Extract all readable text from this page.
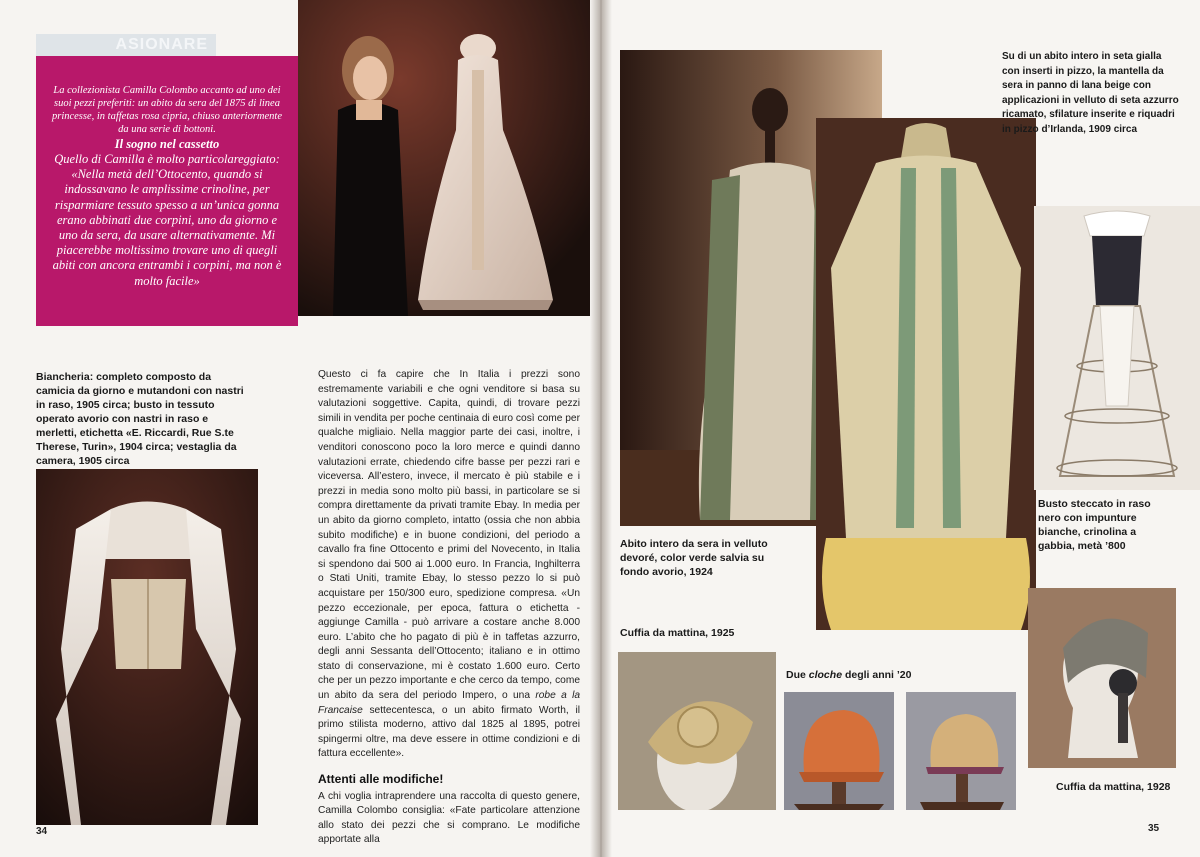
ASIONARE
La collezionista Camilla Colombo accanto ad uno dei suoi pezzi preferiti: un abito da sera del 1875 di linea princesse, in taffetas rosa cipria, chiuso anteriormente da una serie di bottoni.
Il sogno nel cassetto
Quello di Camilla è molto particolareggiato: «Nella metà dell’Ottocento, quando si indossavano le amplissime crinoline, per risparmiare tessuto spesso a un’unica gonna erano abbinati due corpini, uno da giorno e uno da sera, da usare alternativamente. Mi piacerebbe moltissimo trovare uno di quegli abiti con ancora entrambi i corpini, ma non è molto facile»
Biancheria: completo composto da camicia da giorno e mutandoni con nastri in raso, 1905 circa; busto in tessuto operato avorio con nastri in raso e merletti, etichetta «E. Riccardi, Rue S.te Therese, Turin», 1904 circa; vestaglia da camera, 1905 circa

Questo ci fa capire che In Italia i prezzi sono estremamente variabili e che ogni venditore si basa su valutazioni soggettive. Capita, quindi, di trovare pezzi simili in vendita per poche centinaia di euro così come per qualche migliaio. Nella maggior parte dei casi, inoltre, i venditori conoscono poco la loro merce e quindi danno valutazioni errate, chiedendo cifre basse per pezzi rari e viceversa. All’estero, invece, il mercato è più stabile e i prezzi in media sono molto più bassi, in particolare se si compra direttamente da privati tramite Ebay. In media per un abito da giorno completo, intatto (ossia che non abbia subito modifiche) e in buone condizioni, del periodo a cavallo fra fine Ottocento e primi del Novecento, in Italia si spendono dai 500 ai 1.000 euro. In Francia, Inghilterra o Stati Uniti, tramite Ebay, lo stesso pezzo lo si può acquistare per 150/300 euro, spedizione compresa. «Un pezzo eccezionale, per epoca, fattura o etichetta - aggiunge Camilla - può arrivare a costare anche 8.000 euro. L’abito che ho pagato di più è in taffetas azzurro, degli anni Sessanta dell’Ottocento; italiano e in ottimo stato di conservazione, mi è costato 1.600 euro. Certo che per un pezzo importante e che cerco da tempo, come un abito da sera del periodo Impero, o una robe a la Francaise settecentesca, o un abito firmato Worth, il primo stilista moderno, attivo dal 1825 al 1895, potrei spingermi oltre, ma deve essere in ottime condizioni e di fattura eccellente».

Attenti alle modifiche!

A chi voglia intraprendere una raccolta di questo genere, Camilla Colombo consiglia: «Fate particolare attenzione allo stato dei pezzi che si comprano. Le modifiche apportate alla

34
Su di un abito intero in seta gialla con inserti in pizzo, la mantella da sera in panno di lana beige con applicazioni in velluto di seta azzurro ricamato, sfilature inserite e riquadri in pizzo d’Irlanda, 1909 circa
Abito intero da sera in velluto devoré, color verde salvia su fondo avorio, 1924
Busto steccato in raso nero con impunture bianche, crinolina a gabbia, metà ’800
Cuffia da mattina, 1925
Due cloche degli anni ’20
Cuffia da mattina, 1928
35
